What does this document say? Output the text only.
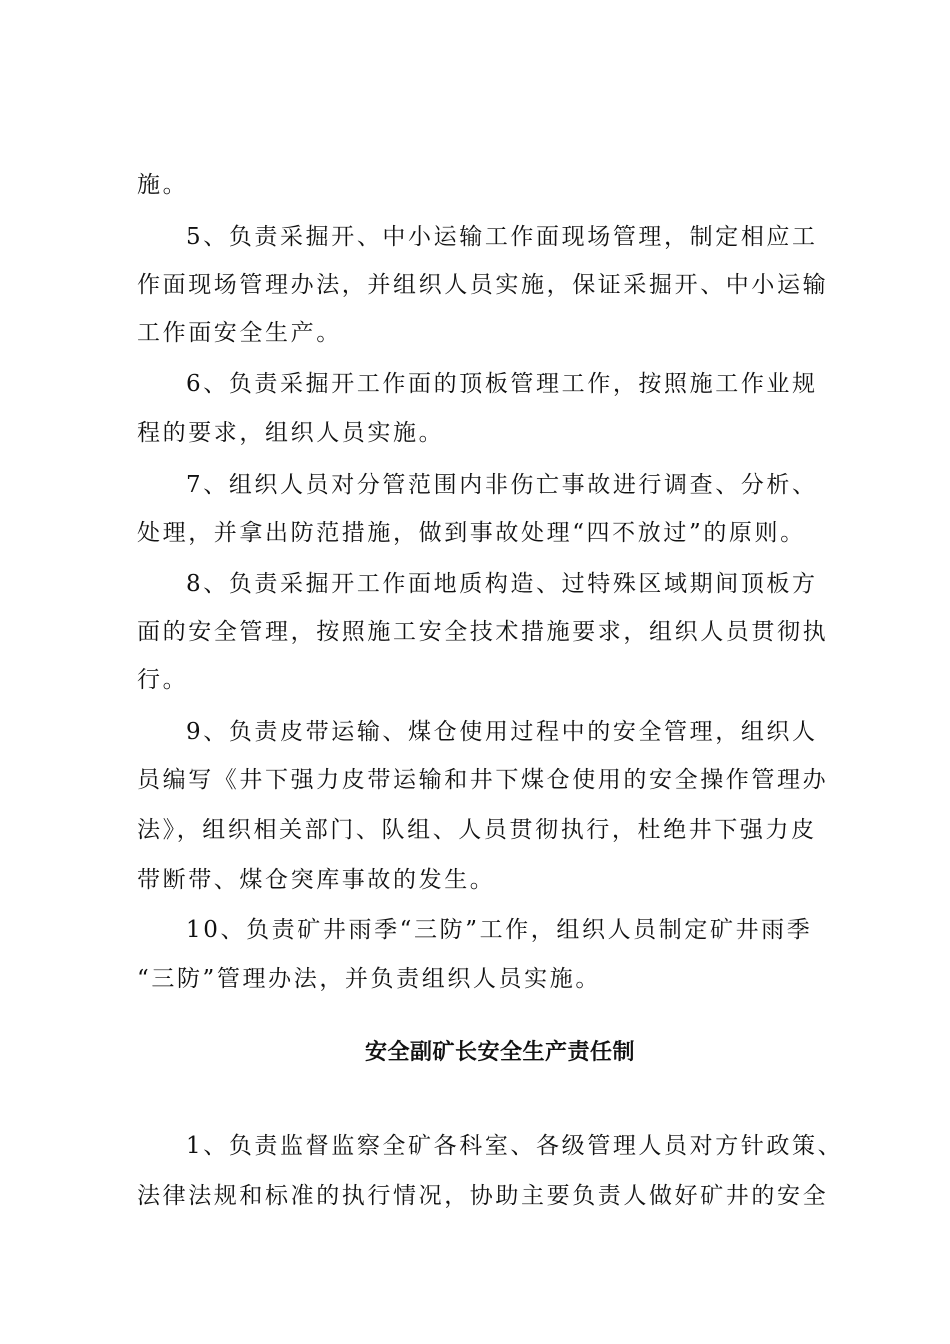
施。
5、负责采掘开、中小运输工作面现场管理，制定相应工
作面现场管理办法，并组织人员实施，保证采掘开、中小运输
工作面安全生产。
6、负责采掘开工作面的顶板管理工作，按照施工作业规
程的要求，组织人员实施。
7、组织人员对分管范围内非伤亡事故进行调查、分析、
处理，并拿出防范措施，做到事故处理“四不放过”的原则。
8、负责采掘开工作面地质构造、过特殊区域期间顶板方
面的安全管理，按照施工安全技术措施要求，组织人员贯彻执
行。
9、负责皮带运输、煤仓使用过程中的安全管理，组织人
员编写《井下强力皮带运输和井下煤仓使用的安全操作管理办
法》，组织相关部门、队组、人员贯彻执行，杜绝井下强力皮
带断带、煤仓突库事故的发生。
10、负责矿井雨季“三防”工作，组织人员制定矿井雨季
“三防”管理办法，并负责组织人员实施。
安全副矿长安全生产责任制
1、负责监督监察全矿各科室、各级管理人员对方针政策、
法律法规和标准的执行情况，协助主要负责人做好矿井的安全
